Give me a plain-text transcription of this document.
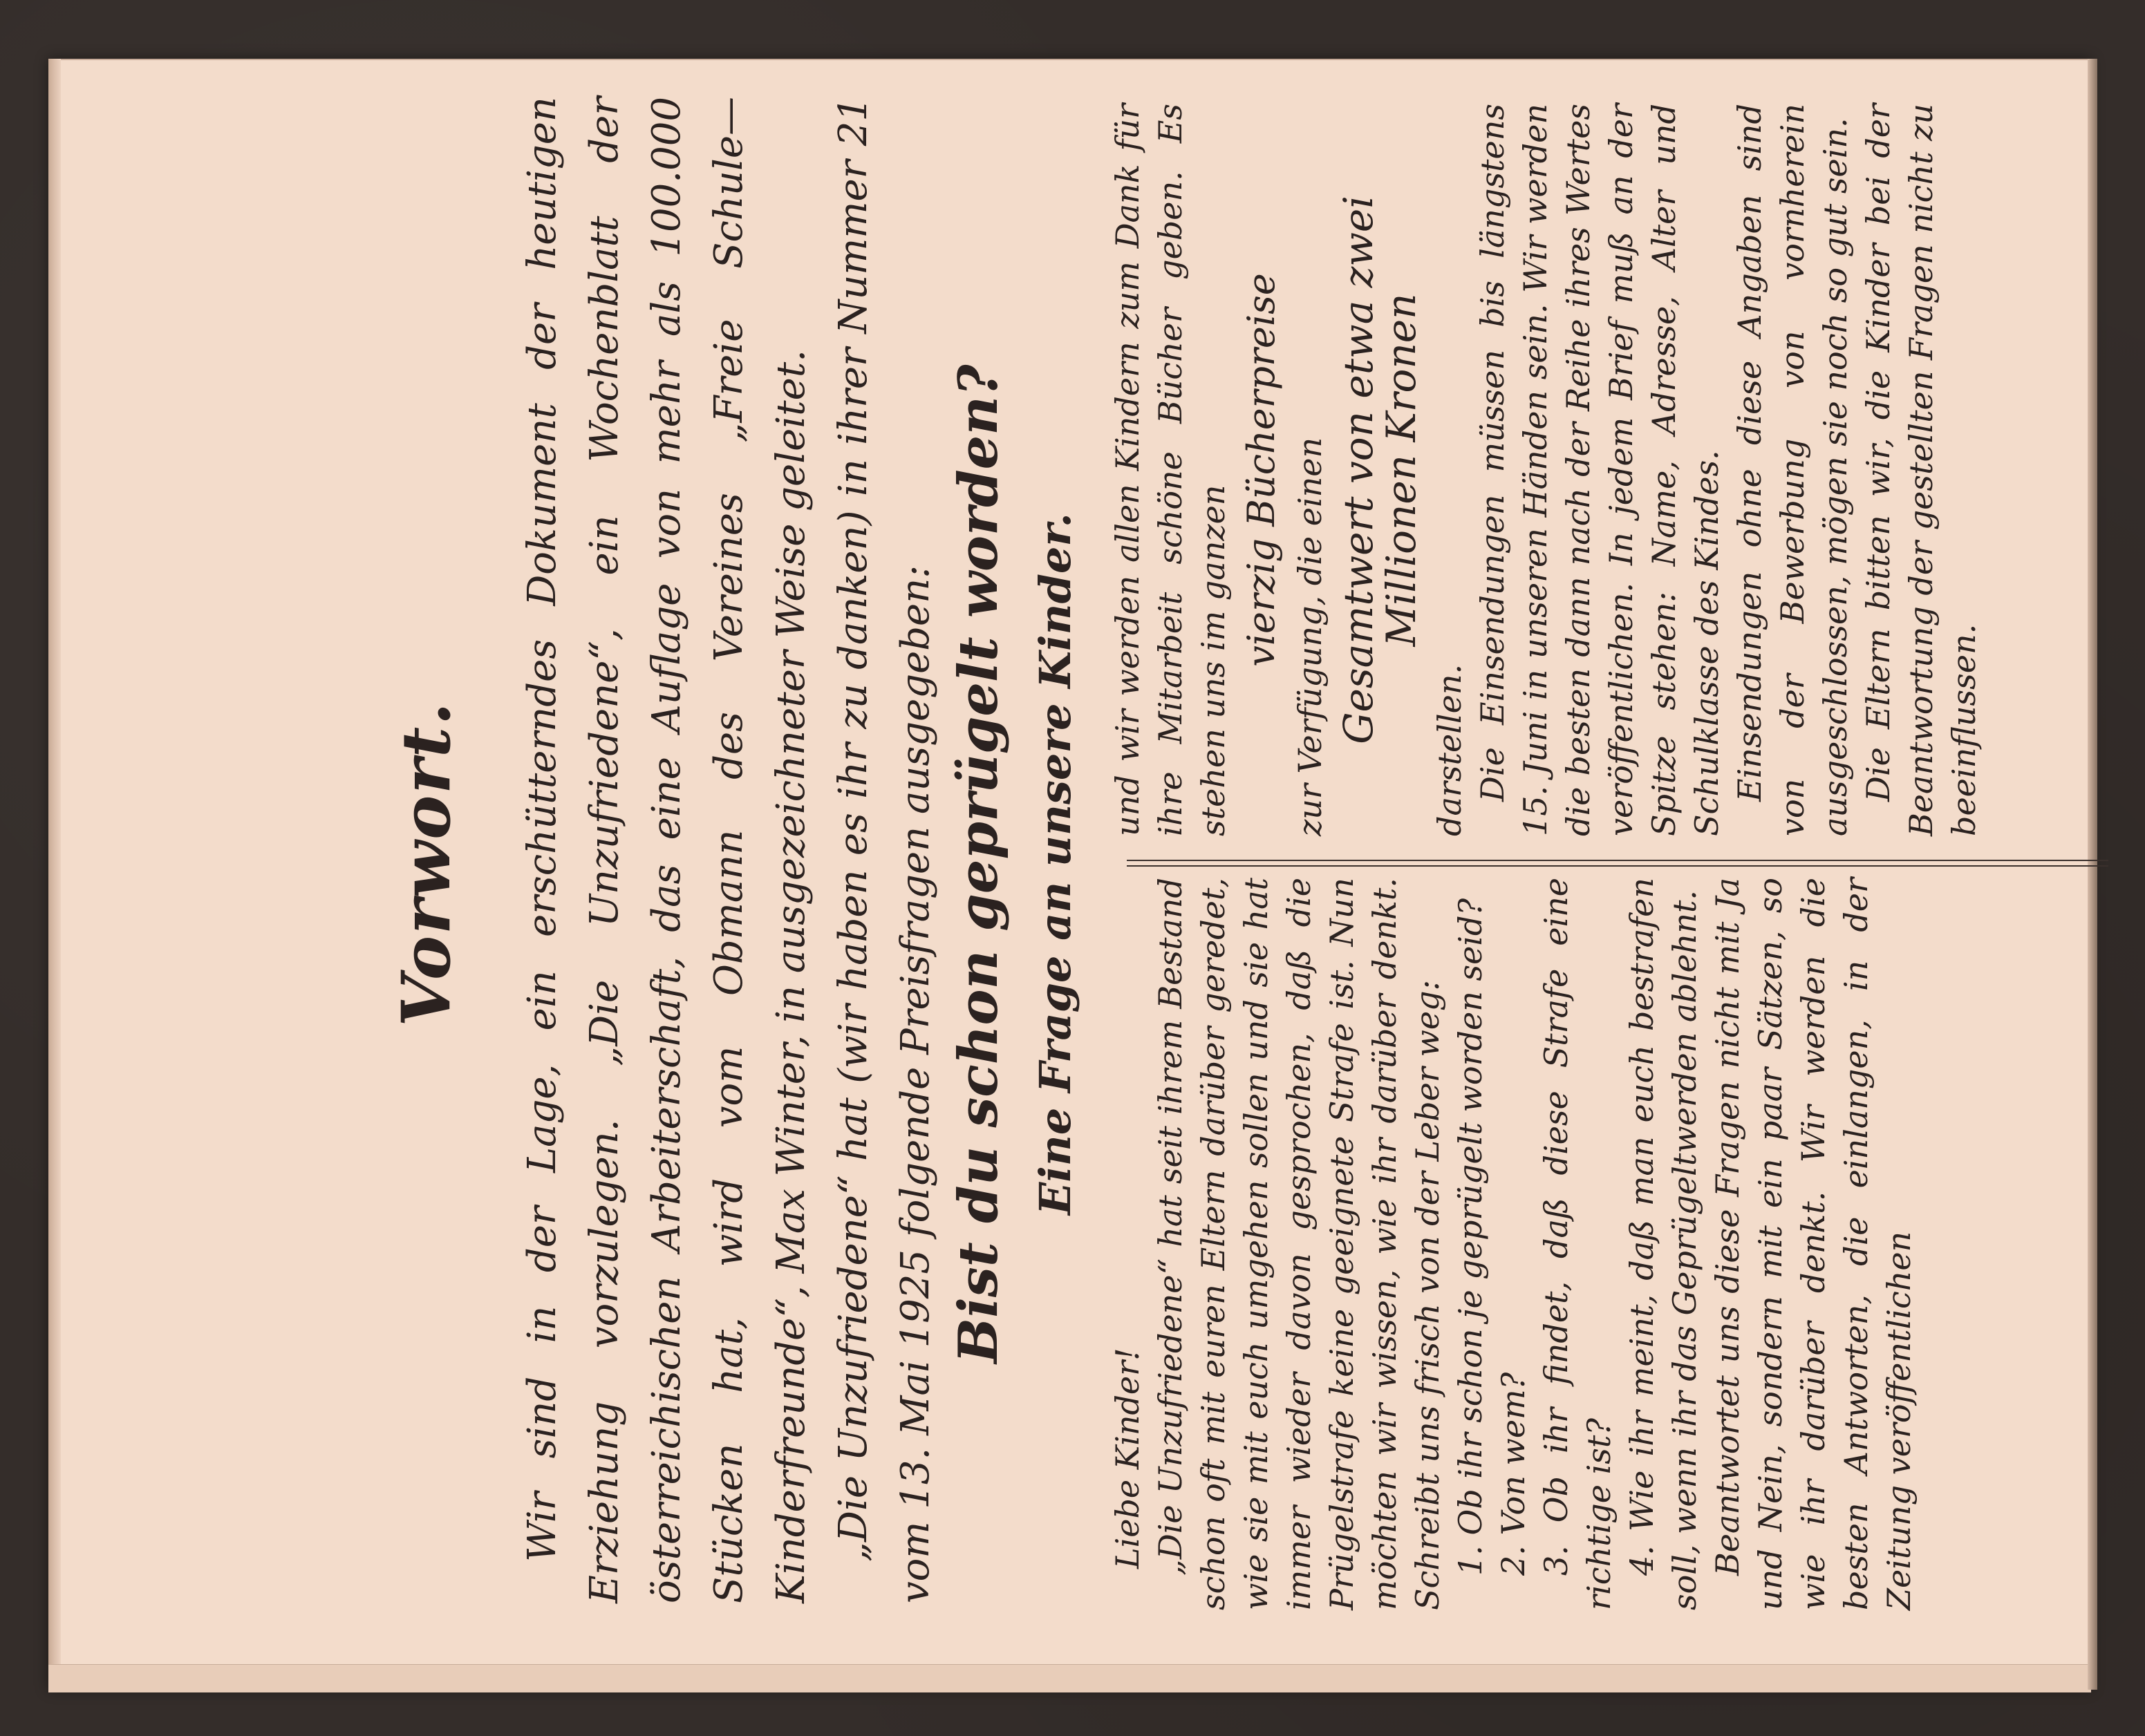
Vorwort. Wir sind in der Lage, ein erschütterndes Dokument der heutigen Erziehung vorzulegen. „Die Unzufriedene“, ein Wochenblatt der österreichischen Arbeiterschaft, das eine Auflage von mehr als 100.000 Stücken hat, wird vom Obmann des Vereines „Freie Schule—Kinderfreunde“, Max Winter, in ausgezeichneter Weise geleitet. „Die Unzufriedene“ hat (wir haben es ihr zu danken) in ihrer Nummer 21 vom 13. Mai 1925 folgende Preisfragen ausgegeben: Bist du schon geprügelt worden? Eine Frage an unsere Kinder.

Liebe Kinder! „Die Unzufriedene“ hat seit ihrem Bestand schon oft mit euren Eltern darüber geredet, wie sie mit euch umgehen sollen und sie hat immer wieder davon gesprochen, daß die Prügelstrafe keine geeignete Strafe ist. Nun möchten wir wissen, wie ihr darüber denkt. Schreibt uns frisch von der Leber weg: 1. Ob ihr schon je geprügelt worden seid? 2. Von wem? 3. Ob ihr findet, daß diese Strafe eine richtige ist? 4. Wie ihr meint, daß man euch bestrafen soll, wenn ihr das Geprügeltwerden ablehnt. Beantwortet uns diese Fragen nicht mit Ja und Nein, sondern mit ein paar Sätzen, so wie ihr darüber denkt. Wir werden die besten Antworten, die einlangen, in der Zeitung veröffentlichen

und wir werden allen Kindern zum Dank für ihre Mitarbeit schöne Bücher geben. Es stehen uns im ganzen vierzig Bücherpreise zur Verfügung, die einen Gesamtwert von etwa zwei Millionen Kronen

darstellen. Die Einsendungen müssen bis längstens 15. Juni in unseren Händen sein. Wir werden die besten dann nach der Reihe ihres Wertes veröffentlichen. In jedem Brief muß an der Spitze stehen: Name, Adresse, Alter und Schulklasse des Kindes. Einsendungen ohne diese Angaben sind von der Bewerbung von vornherein ausgeschlossen, mögen sie noch so gut sein. Die Eltern bitten wir, die Kinder bei der Beantwortung der gestellten Fragen nicht zu beeinflussen.
